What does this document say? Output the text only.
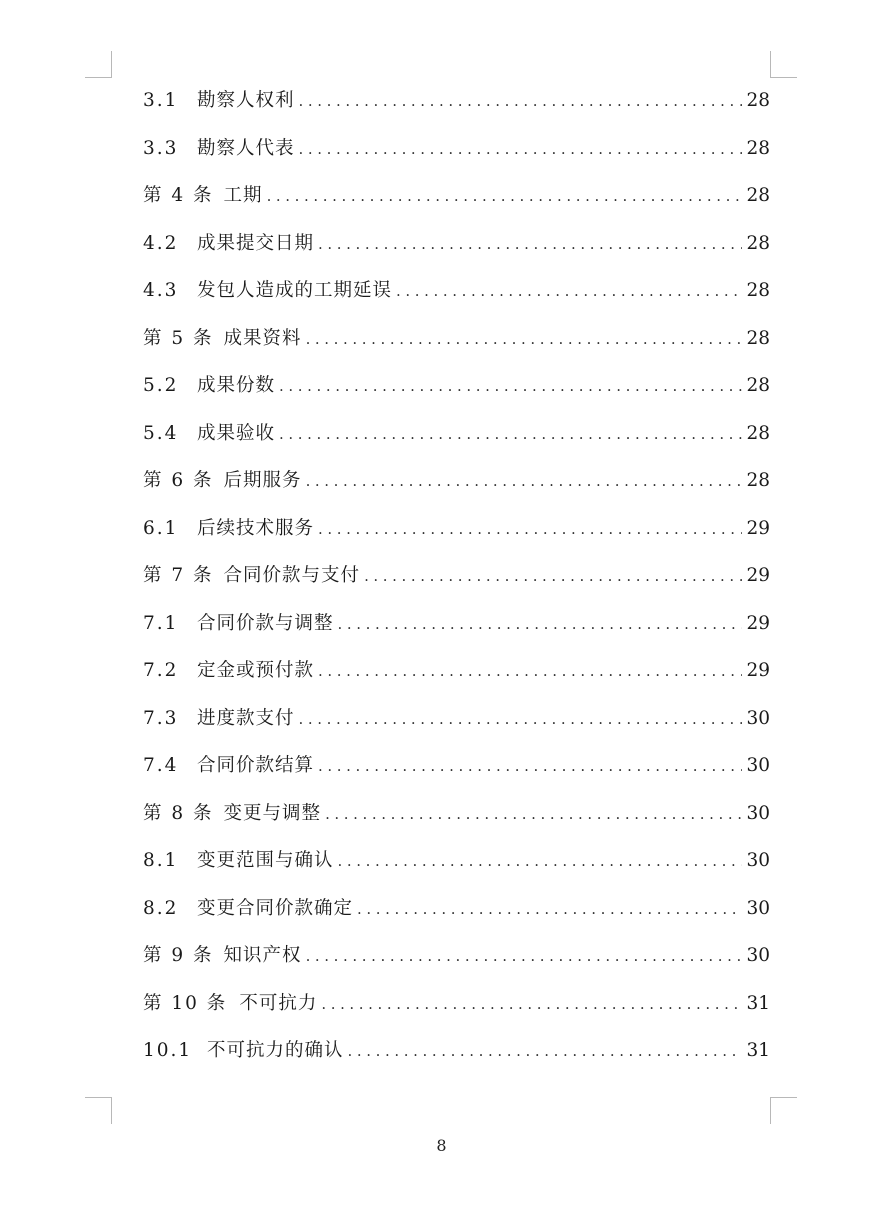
3.1	勘察人权利 .....	28
3.3	勘察人代表 .....	28
第 4 条 工期 .....	28
4.2	成果提交日期 .....	28
4.3	发包人造成的工期延误 .....	28
第 5 条 成果资料 .....	28
5.2	成果份数 .....	28
5.4	成果验收 .....	28
第 6 条 后期服务 .....	28
6.1	后续技术服务 .....	29
第 7 条 合同价款与支付 .....	29
7.1	合同价款与调整 .....	29
7.2	定金或预付款 .....	29
7.3	进度款支付 .....	30
7.4	合同价款结算 .....	30
第 8 条 变更与调整 .....	30
8.1	变更范围与确认 .....	30
8.2	变更合同价款确定 .....	30
第 9 条 知识产权 .....	30
第 10 条 不可抗力 .....	31
10.1 不可抗力的确认 .....	31
8
